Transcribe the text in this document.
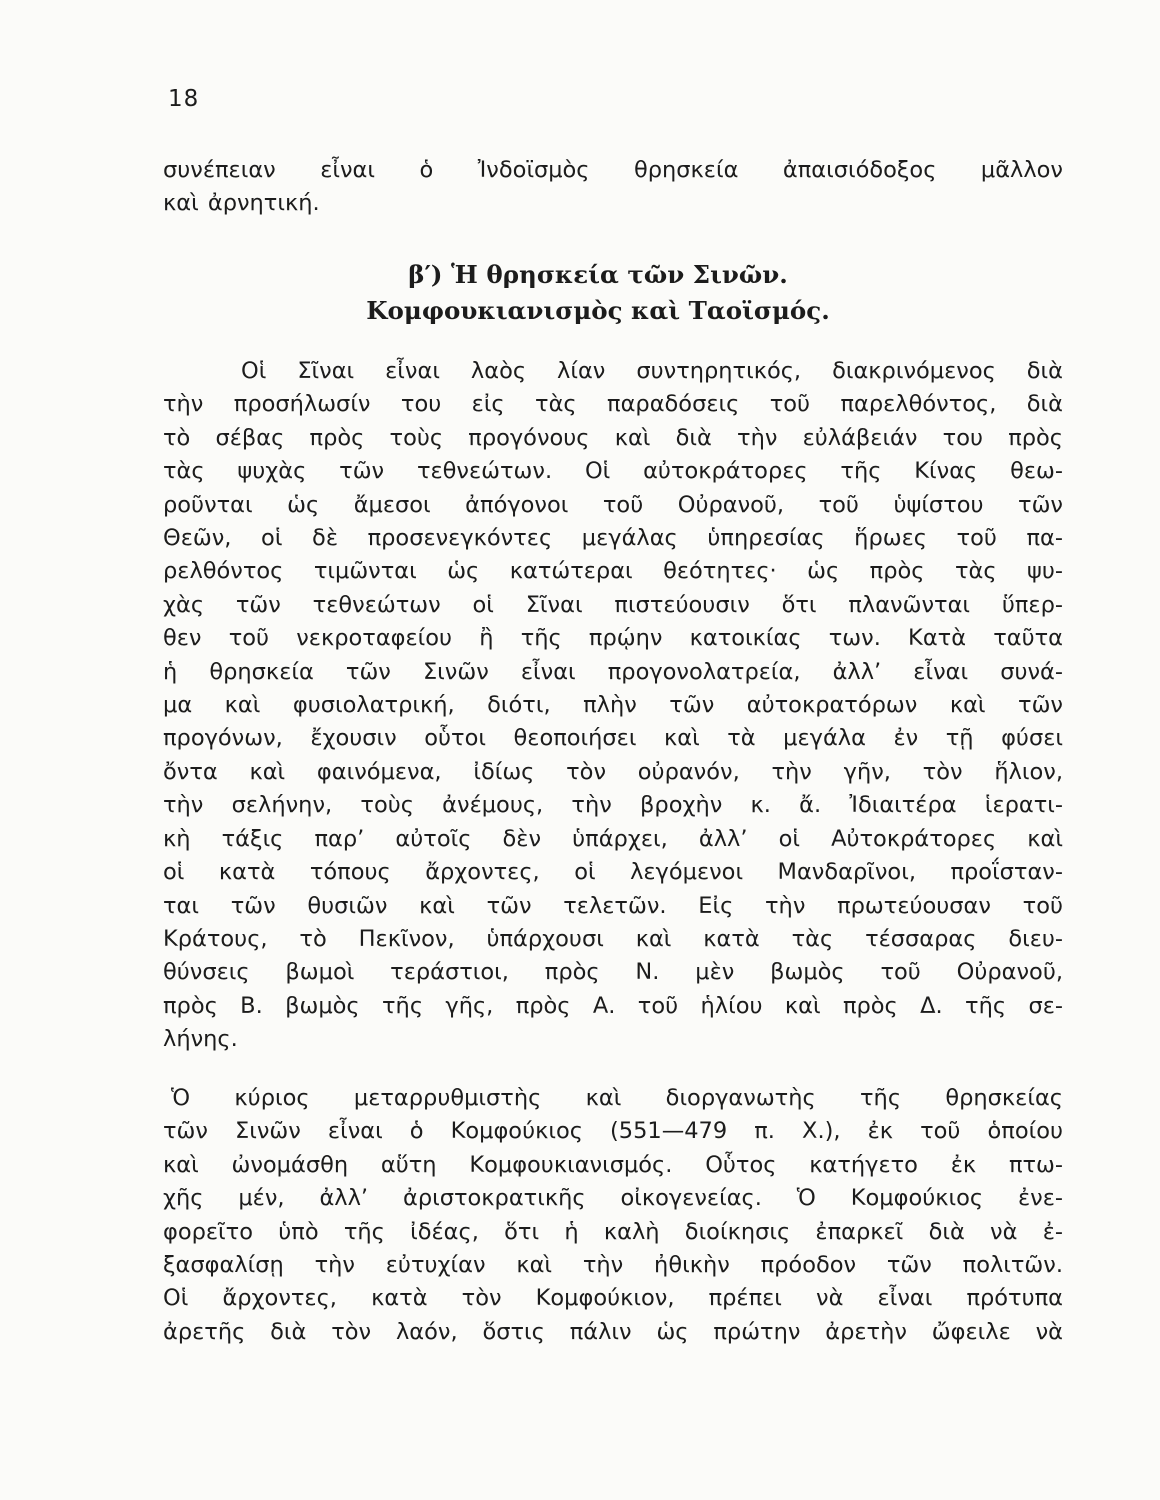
18
συνέπειαν εἶναι ὁ Ἰνδοϊσμὸς θρησκεία ἀπαισιόδοξος μᾶλλον
καὶ ἀρνητική.
β′) Ἡ θρησκεία τῶν Σινῶν.
Κομφουκιανισμὸς καὶ Ταοϊσμός.
Οἱ Σῖναι εἶναι λαὸς λίαν συντηρητικός, διακρινόμενος διὰ
τὴν προσήλωσίν του εἰς τὰς παραδόσεις τοῦ παρελθόντος, διὰ
τὸ σέβας πρὸς τοὺς προγόνους καὶ διὰ τὴν εὐλάβειάν του πρὸς
τὰς ψυχὰς τῶν τεθνεώτων. Οἱ αὐτοκράτορες τῆς Κίνας θεω-
ροῦνται ὡς ἄμεσοι ἀπόγονοι τοῦ Οὐρανοῦ, τοῦ ὑψίστου τῶν
Θεῶν, οἱ δὲ προσενεγκόντες μεγάλας ὑπηρεσίας ἥρωες τοῦ πα-
ρελθόντος τιμῶνται ὡς κατώτεραι θεότητες· ὡς πρὸς τὰς ψυ-
χὰς τῶν τεθνεώτων οἱ Σῖναι πιστεύουσιν ὅτι πλανῶνται ὕπερ-
θεν τοῦ νεκροταφείου ἢ τῆς πρῴην κατοικίας των. Κατὰ ταῦτα
ἡ θρησκεία τῶν Σινῶν εἶναι προγονολατρεία, ἀλλ’ εἶναι συνά-
μα καὶ φυσιολατρική, διότι, πλὴν τῶν αὐτοκρατόρων καὶ τῶν
προγόνων, ἔχουσιν οὗτοι θεοποιήσει καὶ τὰ μεγάλα ἐν τῇ φύσει
ὄντα καὶ φαινόμενα, ἰδίως τὸν οὐρανόν, τὴν γῆν, τὸν ἥλιον,
τὴν σελήνην, τοὺς ἀνέμους, τὴν βροχὴν κ. ἄ. Ἰδιαιτέρα ἱερατι-
κὴ τάξις παρ’ αὐτοῖς δὲν ὑπάρχει, ἀλλ’ οἱ Αὐτοκράτορες καὶ
οἱ κατὰ τόπους ἄρχοντες, οἱ λεγόμενοι Μανδαρῖνοι, προΐσταν-
ται τῶν θυσιῶν καὶ τῶν τελετῶν. Εἰς τὴν πρωτεύουσαν τοῦ
Κράτους, τὸ Πεκῖνον, ὑπάρχουσι καὶ κατὰ τὰς τέσσαρας διευ-
θύνσεις βωμοὶ τεράστιοι, πρὸς Ν. μὲν βωμὸς τοῦ Οὐρανοῦ,
πρὸς Β. βωμὸς τῆς γῆς, πρὸς Α. τοῦ ἡλίου καὶ πρὸς Δ. τῆς σε-
λήνης.
Ὁ κύριος μεταρρυθμιστὴς καὶ διοργανωτὴς τῆς θρησκείας
τῶν Σινῶν εἶναι ὁ Κομφούκιος (551—479 π. Χ.), ἐκ τοῦ ὁποίου
καὶ ὠνομάσθη αὕτη Κομφουκιανισμός. Οὗτος κατήγετο ἐκ πτω-
χῆς μέν, ἀλλ’ ἀριστοκρατικῆς οἰκογενείας. Ὁ Κομφούκιος ἐνε-
φορεῖτο ὑπὸ τῆς ἰδέας, ὅτι ἡ καλὴ διοίκησις ἐπαρκεῖ διὰ νὰ ἐ-
ξασφαλίσῃ τὴν εὐτυχίαν καὶ τὴν ἠθικὴν πρόοδον τῶν πολιτῶν.
Οἱ ἄρχοντες, κατὰ τὸν Κομφούκιον, πρέπει νὰ εἶναι πρότυπα
ἀρετῆς διὰ τὸν λαόν, ὅστις πάλιν ὡς πρώτην ἀρετὴν ὤφειλε νὰ
